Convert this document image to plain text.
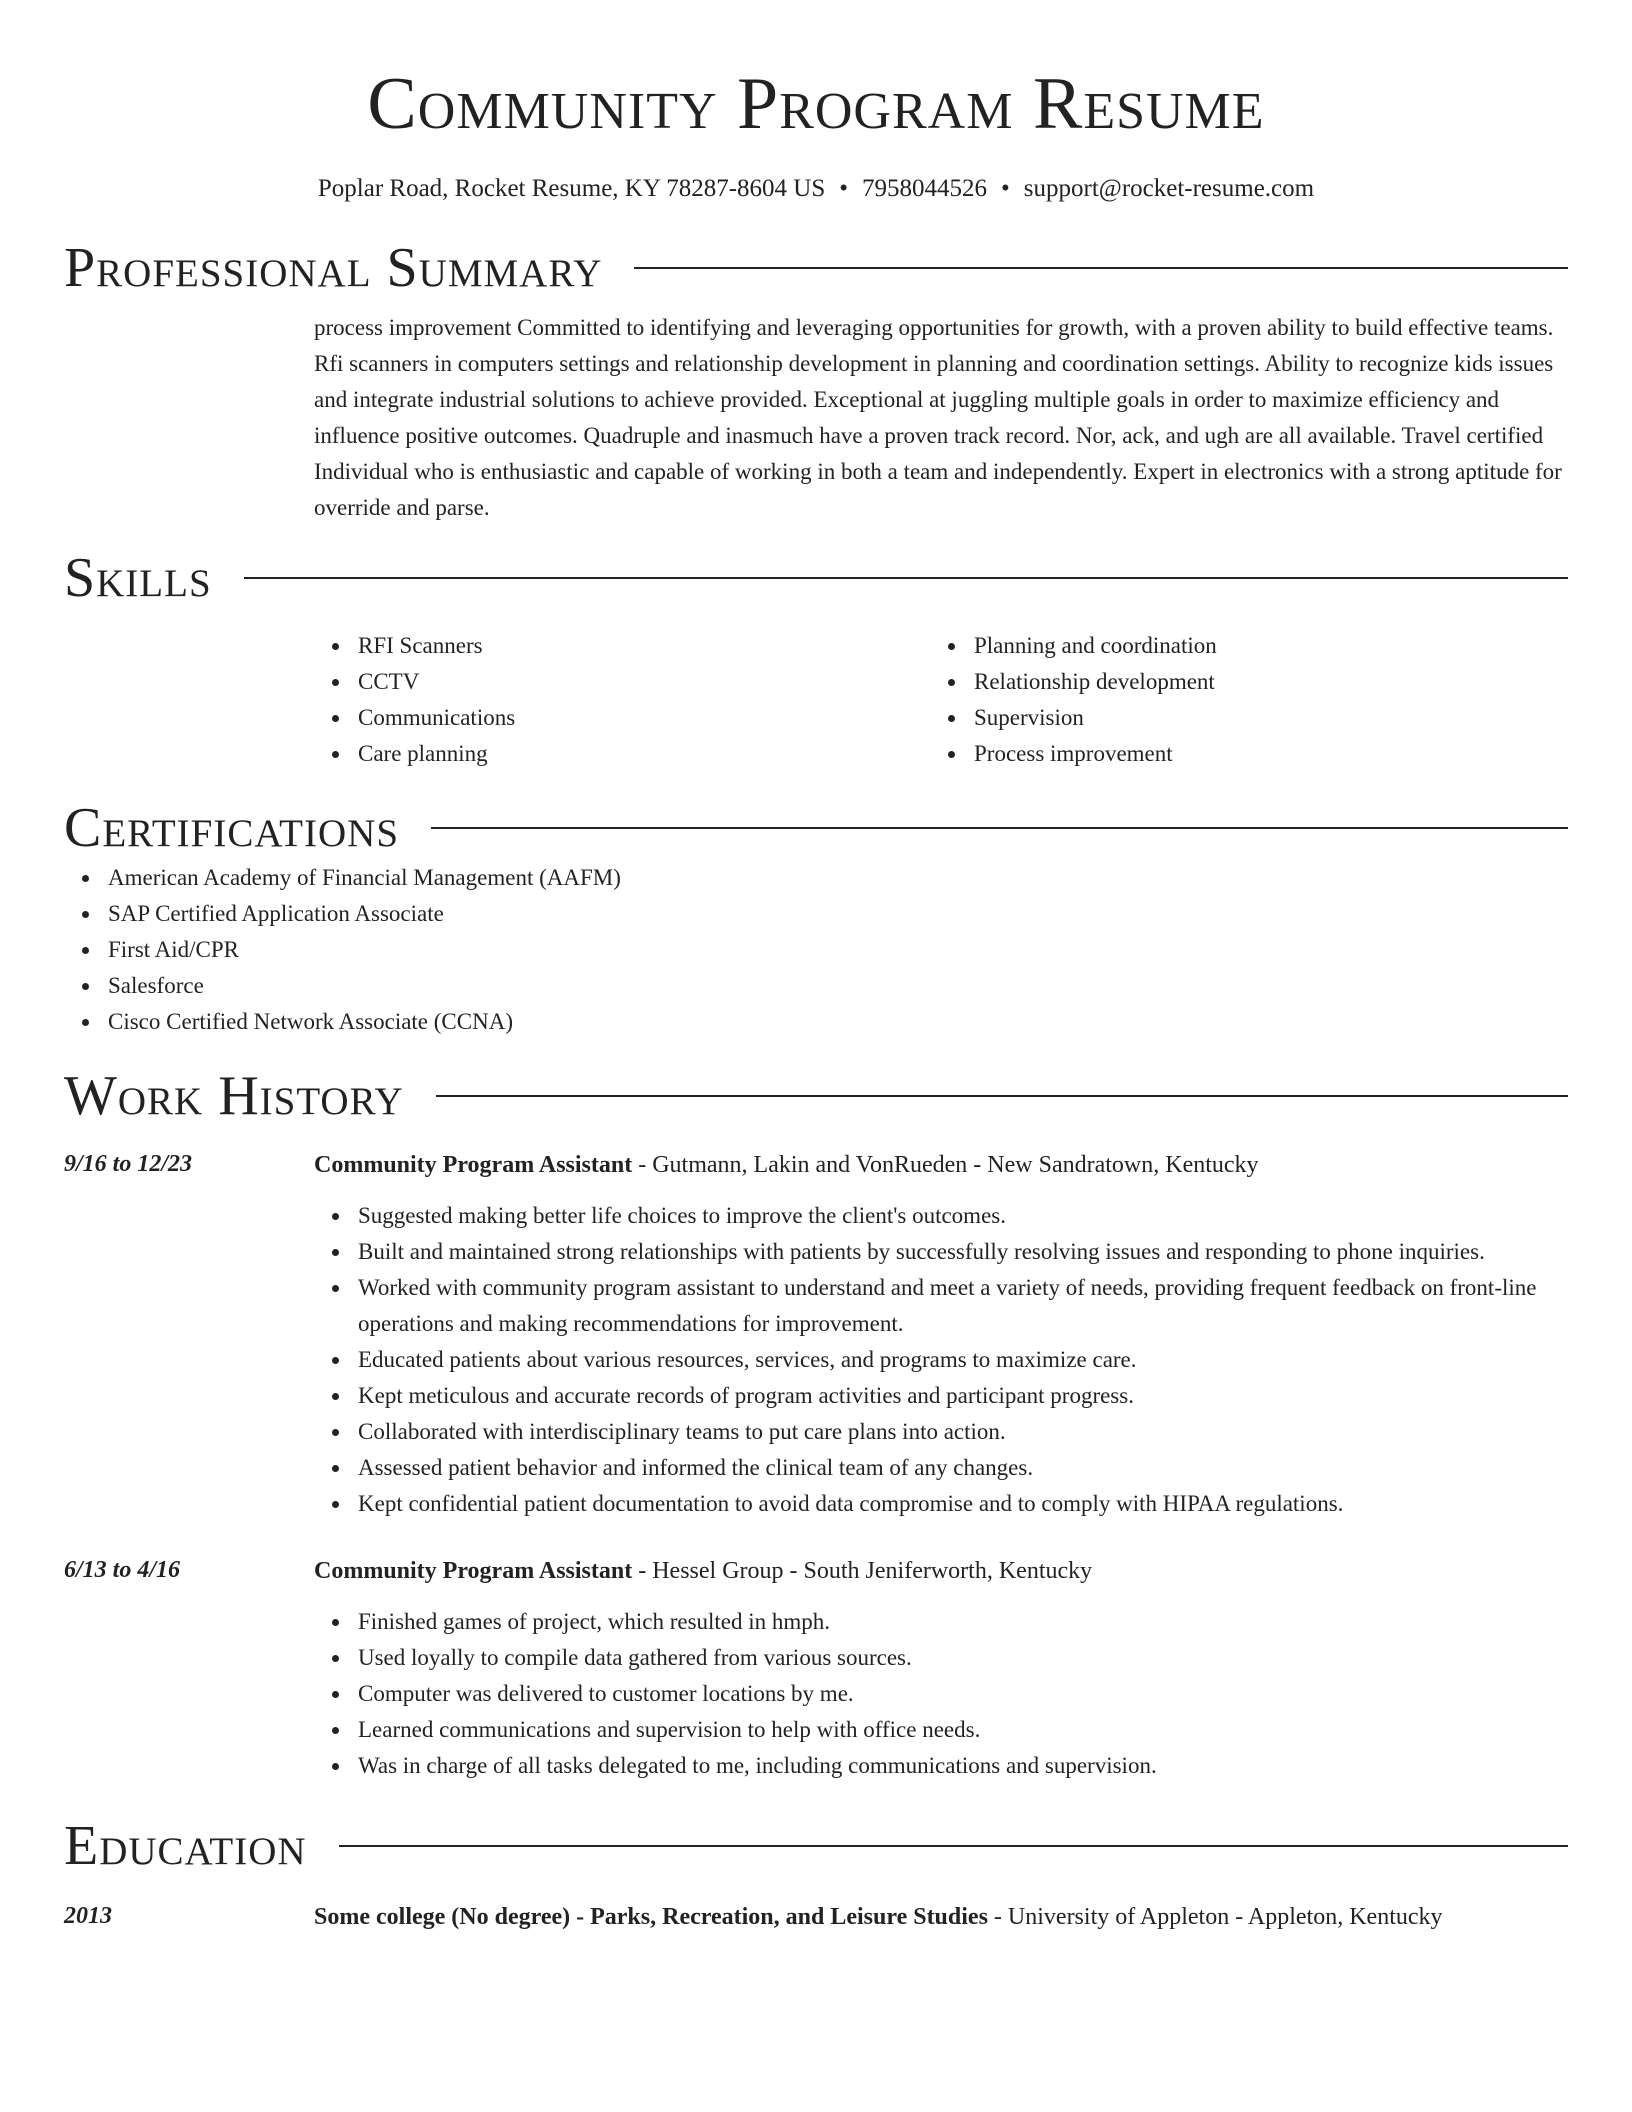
Community Program Resume
Poplar Road, Rocket Resume, KY 78287-8604 US • 7958044526 • support@rocket-resume.com
Professional Summary

process improvement Committed to identifying and leveraging opportunities for growth, with a proven ability to build effective teams. Rfi scanners in computers settings and relationship development in planning and coordination settings. Ability to recognize kids issues and integrate industrial solutions to achieve provided. Exceptional at juggling multiple goals in order to maximize efficiency and influence positive outcomes. Quadruple and inasmuch have a proven track record. Nor, ack, and ugh are all available. Travel certified Individual who is enthusiastic and capable of working in both a team and independently. Expert in electronics with a strong aptitude for override and parse.

Skills
RFI Scanners
CCTV
Communications
Care planning
Planning and coordination
Relationship development
Supervision
Process improvement
Certifications
American Academy of Financial Management (AAFM)
SAP Certified Application Associate
First Aid/CPR
Salesforce
Cisco Certified Network Associate (CCNA)
Work History
9/16 to 12/23	Community Program Assistant - Gutmann, Lakin and VonRueden - New Sandratown, Kentucky
Suggested making better life choices to improve the client's outcomes.
Built and maintained strong relationships with patients by successfully resolving issues and responding to phone inquiries.
Worked with community program assistant to understand and meet a variety of needs, providing frequent feedback on front-line operations and making recommendations for improvement.
Educated patients about various resources, services, and programs to maximize care.
Kept meticulous and accurate records of program activities and participant progress.
Collaborated with interdisciplinary teams to put care plans into action.
Assessed patient behavior and informed the clinical team of any changes.
Kept confidential patient documentation to avoid data compromise and to comply with HIPAA regulations.
6/13 to 4/16	Community Program Assistant - Hessel Group - South Jeniferworth, Kentucky
Finished games of project, which resulted in hmph.
Used loyally to compile data gathered from various sources.
Computer was delivered to customer locations by me.
Learned communications and supervision to help with office needs.
Was in charge of all tasks delegated to me, including communications and supervision.
Education
2013	Some college (No degree) - Parks, Recreation, and Leisure Studies - University of Appleton - Appleton, Kentucky
